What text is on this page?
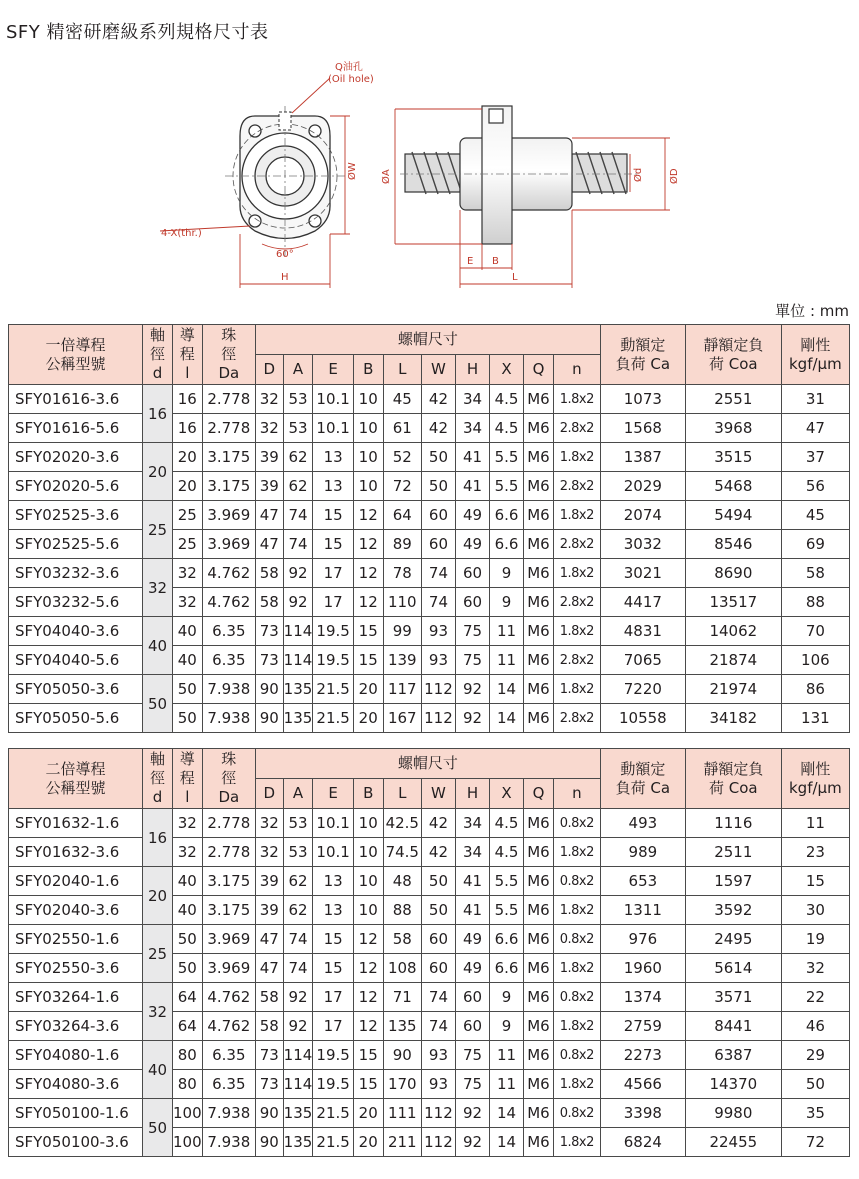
SFY 精密研磨級系列規格尺寸表
Q油孔
(Oil hole)
4-X(thr.)
60°
H
ØW ØA	Ød	ØD
E B
L
單位 : mm
一倍導程
公稱型號	軸
徑
d	導
程
l	珠
徑
Da	螺帽尺寸										動額定
負荷 Ca	靜額定負
荷 Coa	剛性
kgf/μm
				D	A	E	B	L	W	H	X	Q	n			
SFY01616-3.6	16	16	2.778	32	53	10.1	10	45	42	34	4.5	M6	1.8x2	1073	2551	31
SFY01616-5.6		16	2.778	32	53	10.1	10	61	42	34	4.5	M6	2.8x2	1568	3968	47
SFY02020-3.6	20	20	3.175	39	62	13	10	52	50	41	5.5	M6	1.8x2	1387	3515	37
SFY02020-5.6		20	3.175	39	62	13	10	72	50	41	5.5	M6	2.8x2	2029	5468	56
SFY02525-3.6	25	25	3.969	47	74	15	12	64	60	49	6.6	M6	1.8x2	2074	5494	45
SFY02525-5.6		25	3.969	47	74	15	12	89	60	49	6.6	M6	2.8x2	3032	8546	69
SFY03232-3.6	32	32	4.762	58	92	17	12	78	74	60	9	M6	1.8x2	3021	8690	58
SFY03232-5.6		32	4.762	58	92	17	12	110	74	60	9	M6	2.8x2	4417	13517	88
SFY04040-3.6	40	40	6.35	73	114	19.5	15	99	93	75	11	M6	1.8x2	4831	14062	70
SFY04040-5.6		40	6.35	73	114	19.5	15	139	93	75	11	M6	2.8x2	7065	21874	106
SFY05050-3.6	50	50	7.938	90	135	21.5	20	117	112	92	14	M6	1.8x2	7220	21974	86
SFY05050-5.6		50	7.938	90	135	21.5	20	167	112	92	14	M6	2.8x2	10558	34182	131
二倍導程
公稱型號	軸
徑
d	導
程
l	珠
徑
Da	螺帽尺寸										動額定
負荷 Ca	靜額定負
荷 Coa	剛性
kgf/μm
				D	A	E	B	L	W	H	X	Q	n			
SFY01632-1.6	16	32	2.778	32	53	10.1	10	42.5	42	34	4.5	M6	0.8x2	493	1116	11
SFY01632-3.6		32	2.778	32	53	10.1	10	74.5	42	34	4.5	M6	1.8x2	989	2511	23
SFY02040-1.6	20	40	3.175	39	62	13	10	48	50	41	5.5	M6	0.8x2	653	1597	15
SFY02040-3.6		40	3.175	39	62	13	10	88	50	41	5.5	M6	1.8x2	1311	3592	30
SFY02550-1.6	25	50	3.969	47	74	15	12	58	60	49	6.6	M6	0.8x2	976	2495	19
SFY02550-3.6		50	3.969	47	74	15	12	108	60	49	6.6	M6	1.8x2	1960	5614	32
SFY03264-1.6	32	64	4.762	58	92	17	12	71	74	60	9	M6	0.8x2	1374	3571	22
SFY03264-3.6		64	4.762	58	92	17	12	135	74	60	9	M6	1.8x2	2759	8441	46
SFY04080-1.6	40	80	6.35	73	114	19.5	15	90	93	75	11	M6	0.8x2	2273	6387	29
SFY04080-3.6		80	6.35	73	114	19.5	15	170	93	75	11	M6	1.8x2	4566	14370	50
SFY050100-1.6	50	100	7.938	90	135	21.5	20	111	112	92	14	M6	0.8x2	3398	9980	35
SFY050100-3.6		100	7.938	90	135	21.5	20	211	112	92	14	M6	1.8x2	6824	22455	72
